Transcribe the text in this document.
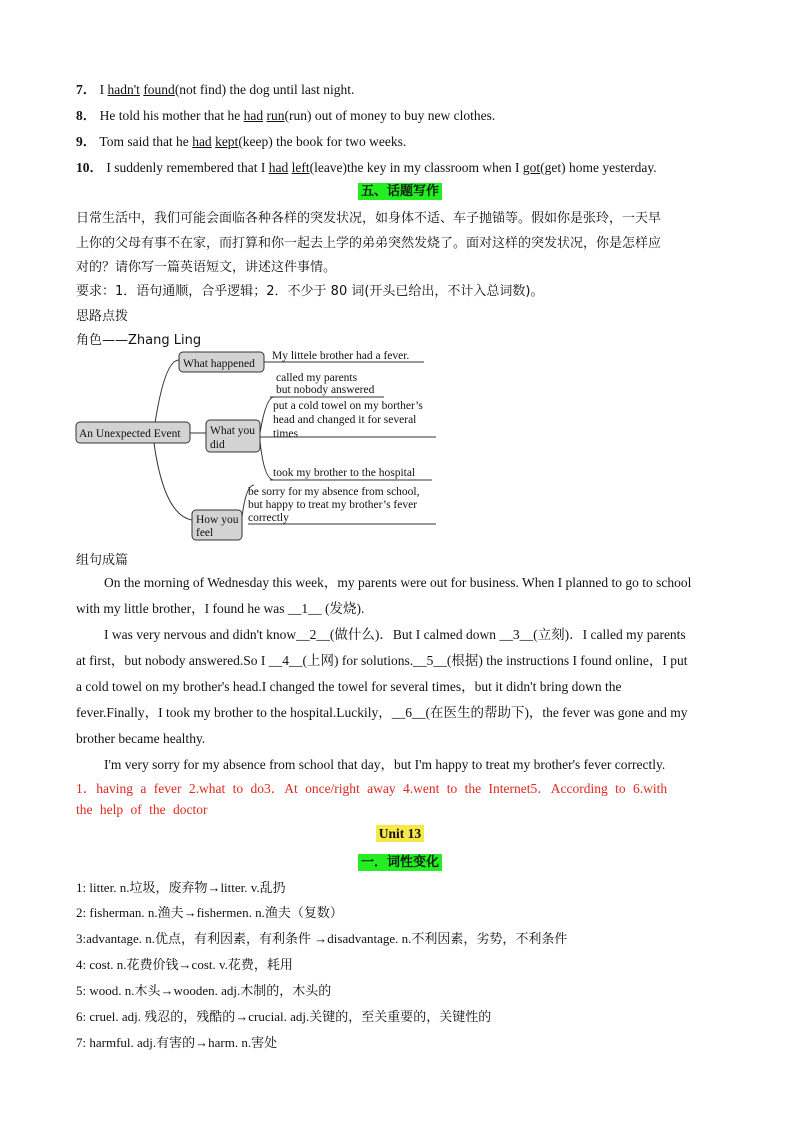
7． I hadn't found(not find) the dog until last night.
8． He told his mother that he had run(run) out of money to buy new clothes.
9． Tom said that he had kept(keep) the book for two weeks.
10． I suddenly remembered that I had left(leave)the key in my classroom when I got(get) home yesterday.
五、话题写作
日常生活中，我们可能会面临各种各样的突发状况，如身体不适、车子抛锚等。假如你是张玲，一天早
上你的父母有事不在家，而打算和你一起去上学的弟弟突然发烧了。面对这样的突发状况，你是怎样应
对的？请你写一篇英语短文，讲述这件事情。
要求：1．语句通顺，合乎逻辑；2．不少于 80 词(开头已给出，不计入总词数)。
思路点拨
角色——Zhang Ling
An Unexpected Event
What happened
My littele brother had a fever.
What you
did
called my parents
but nobody answered
put a cold towel on my borther’s
head and changed it for several
times
took my brother to the hospital
How you
feel
be sorry for my absence from school,
but happy to treat my brother’s fever
correctly
组句成篇
On the morning of Wednesday this week，my parents were out for business. When I planned to go to school
with my little brother，I found he was __1__ (发烧).
I was very nervous and didn't know__2__(做什么)．But I calmed down __3__(立刻)．I called my parents
at first，but nobody answered.So I __4__(上网) for solutions.__5__(根据) the instructions I found online，I put
a cold towel on my brother's head.I changed the towel for several times，but it didn't bring down the
fever.Finally，I took my brother to the hospital.Luckily，__6__(在医生的帮助下)，the fever was gone and my
brother became healthy.
I'm very sorry for my absence from school that day，but I'm happy to treat my brother's fever correctly.
1．having a fever 2.what to do3．At once/right away 4.went to the Internet5．According to 6.with
the help of the doctor
Unit 13
一．词性变化
1: litter. n.垃圾，废弃物→litter. v.乱扔
2: fisherman. n.渔夫→fishermen. n.渔夫（复数）
3:advantage. n.优点，有利因素，有利条件 →disadvantage. n.不利因素，劣势，不利条件
4: cost. n.花费价钱→cost. v.花费，耗用
5: wood. n.木头→wooden. adj.木制的，木头的
6: cruel. adj. 残忍的，残酷的→crucial. adj.关键的，至关重要的，关键性的
7: harmful. adj.有害的→harm. n.害处
